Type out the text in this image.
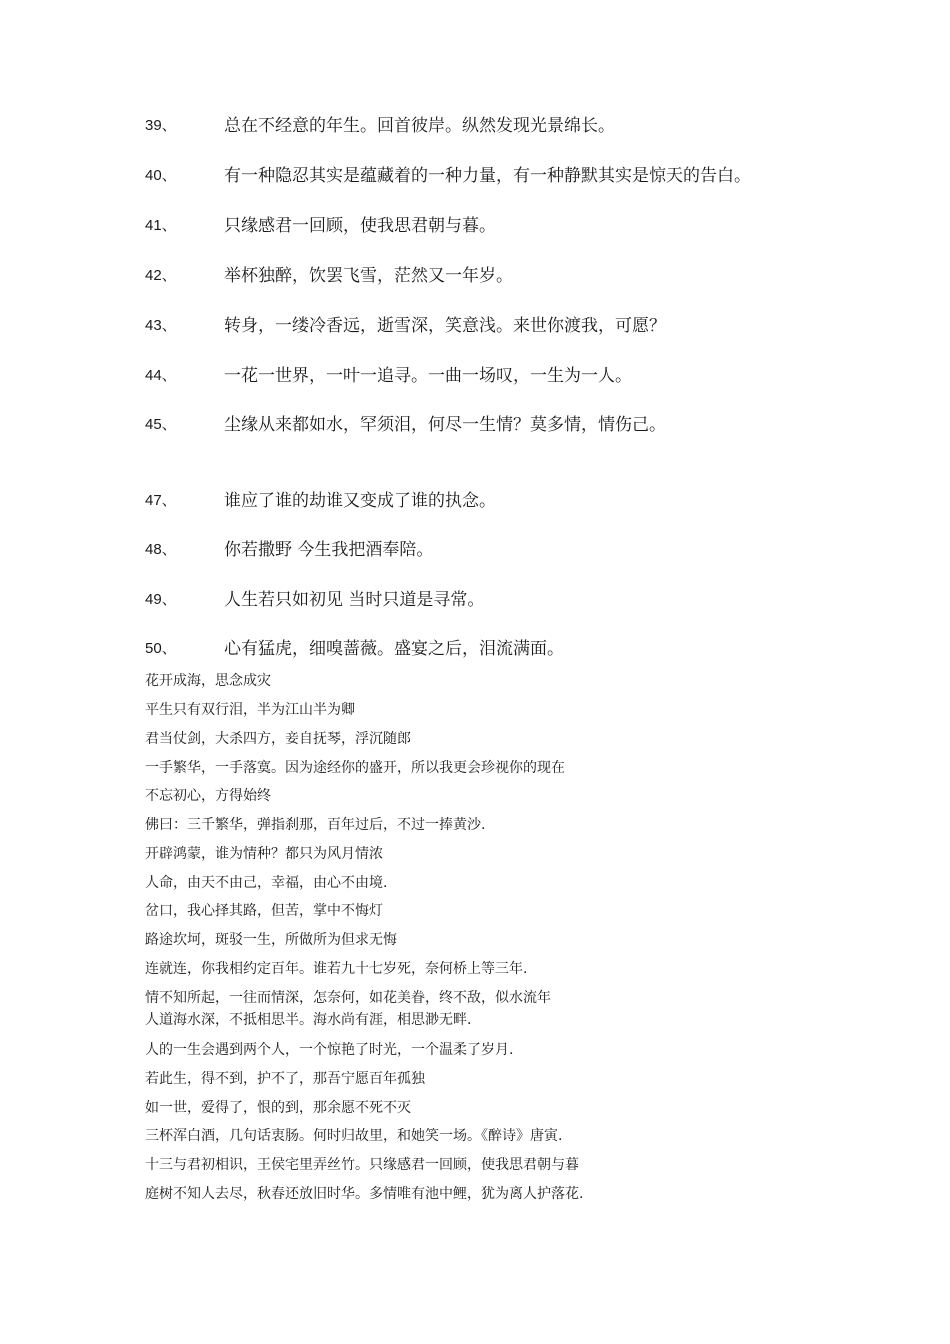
39、	总在不经意的年生。回首彼岸。纵然发现光景绵长。
40、	有一种隐忍其实是蕴藏着的一种力量，有一种静默其实是惊天的告白。
41、	只缘感君一回顾，使我思君朝与暮。
42、	举杯独醉，饮罢飞雪，茫然又一年岁。
43、	转身，一缕冷香远，逝雪深，笑意浅。来世你渡我，可愿？
44、	一花一世界，一叶一追寻。一曲一场叹，一生为一人。
45、	尘缘从来都如水，罕须泪，何尽一生情？莫多情，情伤己。
47、	谁应了谁的劫谁又变成了谁的执念。
48、	你若撒野 今生我把酒奉陪。
49、	人生若只如初见 当时只道是寻常。
50、	心有猛虎，细嗅蔷薇。盛宴之后，泪流满面。
花开成海，思念成灾
平生只有双行泪，半为江山半为卿
君当仗剑，大杀四方，妾自抚琴，浮沉随郎
一手繁华，一手落寞。因为途经你的盛开，所以我更会珍视你的现在
不忘初心，方得始终
佛曰：三千繁华，弹指刹那，百年过后，不过一捧黄沙.
开辟鸿蒙，谁为情种？都只为风月情浓
人命，由天不由己，幸福，由心不由境.
岔口，我心择其路，但苦，掌中不悔灯
路途坎坷，斑驳一生，所做所为但求无悔
连就连，你我相约定百年。谁若九十七岁死，奈何桥上等三年.
情不知所起，一往而情深，怎奈何，如花美眷，终不敌，似水流年
人道海水深，不抵相思半。海水尚有涯，相思渺无畔.
人的一生会遇到两个人，一个惊艳了时光，一个温柔了岁月.
若此生，得不到，护不了，那吾宁愿百年孤独
如一世，爱得了，恨的到，那余愿不死不灭
三杯浑白酒，几句话衷肠。何时归故里，和她笑一场。《醉诗》唐寅.
十三与君初相识，王侯宅里弄丝竹。只缘感君一回顾，使我思君朝与暮
庭树不知人去尽，秋春还放旧时华。多情唯有池中鲤，犹为离人护落花.
